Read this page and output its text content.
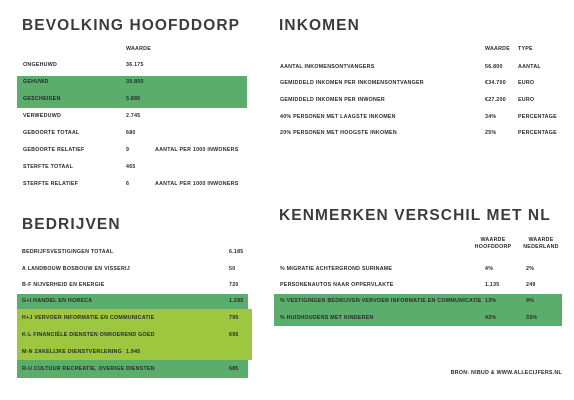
BEVOLKING HOOFDDORP
WAARDE
ONGEHUWD	36.175
GEHUWD	30.805
GESCHEIDEN	5.885
VERWEDUWD	2.745
GEBOORTE TOTAAL	680
GEBOORTE RELATIEF	9	AANTAL PER 1000 INWONERS
STERFTE TOTAAL	465
STERFTE RELATIEF	6	AANTAL PER 1000 INWONERS
INKOMEN
WAARDE TYPE
AANTAL INKOMENSONTVANGERS	56.800	AANTAL
GEMIDDELD INKOMEN PER INKOMENSONTVANGER	€34.700 EURO
GEMIDDELD INKOMEN PER INWONER	€27.200 EURO
40% PERSONEN MET LAAGSTE INKOMEN	34%	PERCENTAGE
20% PERSONEN MET HOOGSTE INKOMEN	25%	PERCENTAGE
BEDRIJVEN
BEDRIJFSVESTIGINGEN TOTAAL	6.185
A LANDBOUW BOSBOUW EN VISSERIJ	50
B-F NIJVERHEID EN ENERGIE	720
G+I HANDEL EN HORECA	1.295
H+J VERVOER INFORMATIE EN COMMUNICATIE	795
K-L FINANCIËLE DIENSTEN ONROEREND GOED	695
M-N ZAKELIJKE DIENSTVERLENING 1.945
R-U CULTUUR RECREATIE, OVERIGE DIENSTEN	685
KENMERKEN VERSCHIL MET NL
WAARDE
HOOFDDORP
WAARDE
NEDERLAND
% MIGRATIE ACHTERGROND SURINAME	4%	2%
PERSONENAUTOS NAAR OPPERVLAKTE	1.135	249
% VESTIGINGEN BEDRIJVEN VERVOER INFORMATIE EN COMMUNICATIE 13%	9%
% HUISHOUDENS MET KINDEREN	42%	33%
BRON: NIBUD & WWW.ALLECIJFERS.NL
